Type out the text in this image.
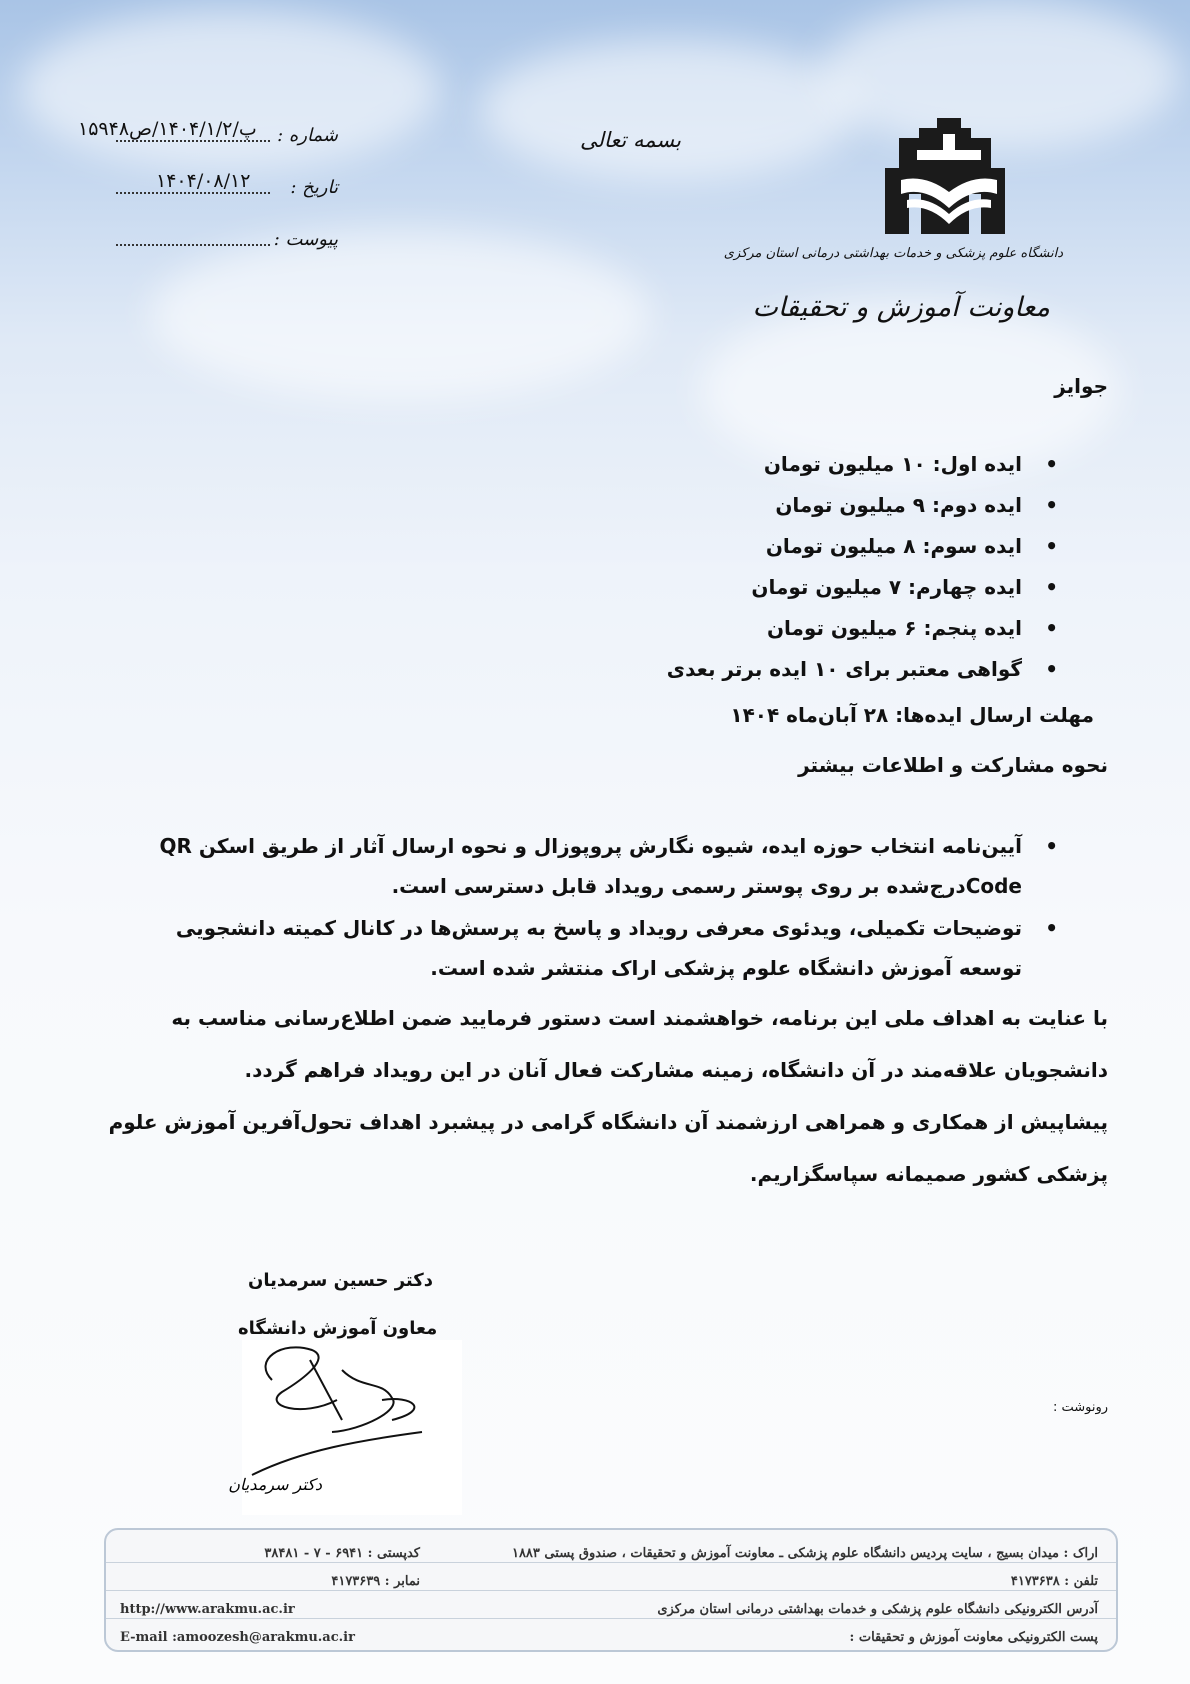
پ/۱۴۰۴/۱/۲/ص۱۵۹۴۸ شماره :
۱۴۰۴/۰۸/۱۲ تاریخ :
پیوست :
بسمه تعالی
دانشگاه علوم پزشکی و خدمات بهداشتی درمانی استان مرکزی
معاونت آموزش و تحقیقات
جوایز
•
ایده اول: ۱۰ میلیون تومان
•
ایده دوم: ۹ میلیون تومان
•
ایده سوم: ۸ میلیون تومان
•
ایده چهارم: ۷ میلیون تومان
•
ایده پنجم: ۶ میلیون تومان
•
گواهی معتبر برای ۱۰ ایده برتر بعدی
مهلت ارسال ایده‌ها: ۲۸ آبان‌ماه ۱۴۰۴
نحوه مشارکت و اطلاعات بیشتر
•
آیین‌نامه انتخاب حوزه ایده، شیوه نگارش پروپوزال و نحوه ارسال آثار از طریق اسکن QR Codeدرج‌شده بر روی پوستر رسمی رویداد قابل دسترسی است.
•
توضیحات تکمیلی، ویدئوی معرفی رویداد و پاسخ به پرسش‌ها در کانال کمیته دانشجویی توسعه آموزش دانشگاه علوم پزشکی اراک منتشر شده است.
با عنایت به اهداف ملی این برنامه، خواهشمند است دستور فرمایید ضمن اطلاع‌رسانی مناسب به دانشجویان علاقه‌مند در آن دانشگاه، زمینه مشارکت فعال آنان در این رویداد فراهم گردد.
پیشاپیش از همکاری و همراهی ارزشمند آن دانشگاه گرامی در پیشبرد اهداف تحول‌آفرین آموزش علوم پزشکی کشور صمیمانه سپاسگزاریم.
دکتر سرمدیان
دکتر حسین سرمدیان
معاون آموزش دانشگاه
رونوشت :
اراک : میدان بسیج ، سایت پردیس دانشگاه علوم پزشکی ـ معاونت آموزش و تحقیقات ، صندوق پستی ۱۸۸۳
تلفن : ۴۱۷۳۶۳۸
آدرس الکترونیکی دانشگاه علوم پزشکی و خدمات بهداشتی درمانی استان مرکزی
پست الکترونیکی معاونت آموزش و تحقیقات :
کدپستی : ۶۹۴۱ - ۷ - ۳۸۴۸۱
نمابر : ۴۱۷۳۶۳۹
http://www.arakmu.ac.ir
E-mail :amoozesh@arakmu.ac.ir
